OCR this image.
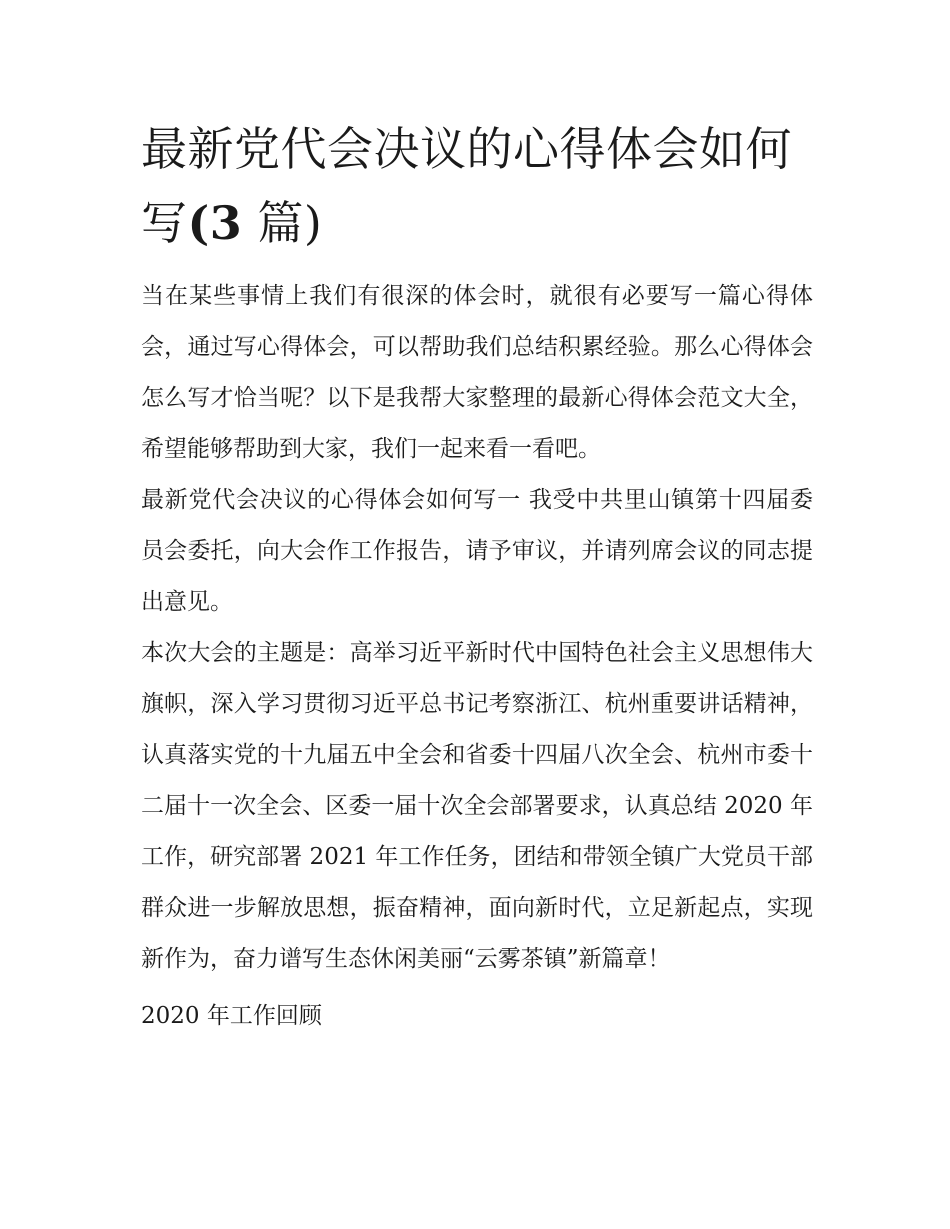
最新党代会决议的心得体会如何写(3 篇)

当在某些事情上我们有很深的体会时，就很有必要写一篇心得体会，通过写心得体会，可以帮助我们总结积累经验。那么心得体会怎么写才恰当呢？以下是我帮大家整理的最新心得体会范文大全，希望能够帮助到大家，我们一起来看一看吧。

最新党代会决议的心得体会如何写一 我受中共里山镇第十四届委员会委托，向大会作工作报告，请予审议，并请列席会议的同志提出意见。

本次大会的主题是：高举习近平新时代中国特色社会主义思想伟大旗帜，深入学习贯彻习近平总书记考察浙江、杭州重要讲话精神，认真落实党的十九届五中全会和省委十四届八次全会、杭州市委十二届十一次全会、区委一届十次全会部署要求，认真总结 2020 年工作，研究部署 2021 年工作任务，团结和带领全镇广大党员干部群众进一步解放思想，振奋精神，面向新时代，立足新起点，实现新作为，奋力谱写生态休闲美丽“云雾茶镇”新篇章！

2020 年工作回顾
